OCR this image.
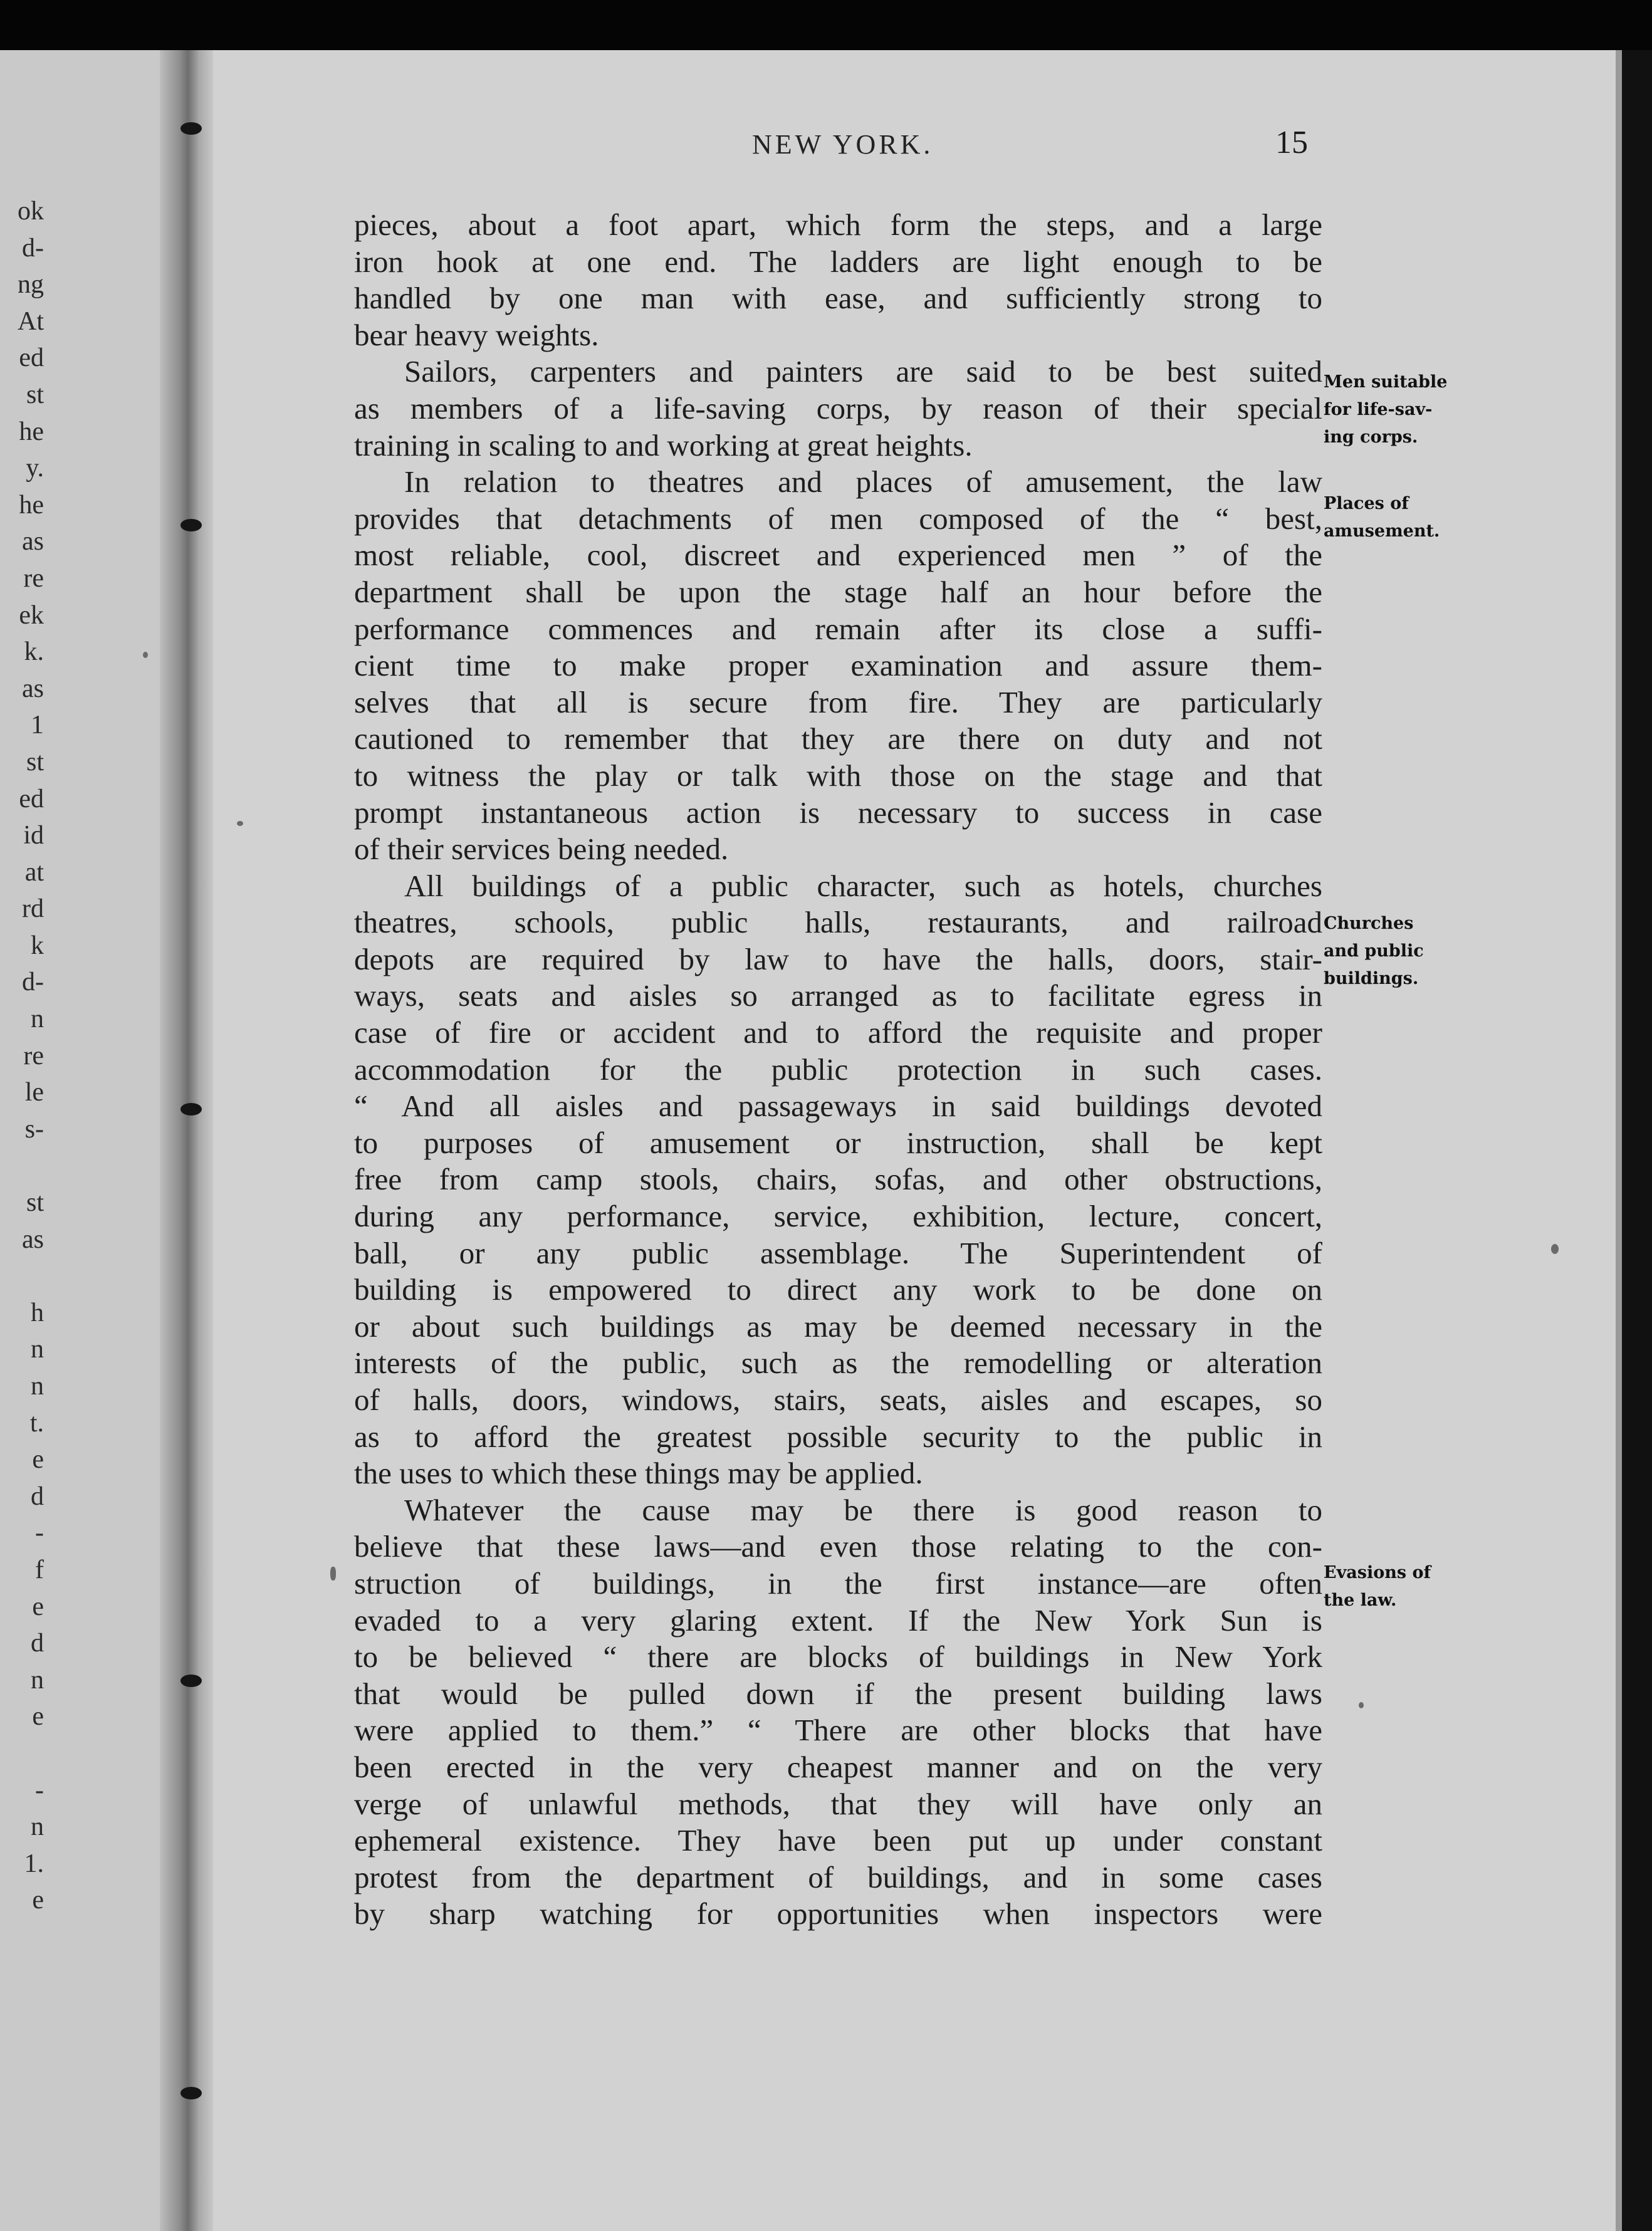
ok
d-
ng
At
ed
st
he
y.
he
as
re
ek
k.
as
1
st
ed
id
at
rd
k
d-
n
re
le
s-
st
as
h
n
n
t.
e
d
-
f
e
d
n
e
-
n
1.
e
NEW YORK.	15
pieces, about a foot apart, which form the steps, and a large
iron hook at one end. The ladders are light enough to be
handled by one man with ease, and sufficiently strong to
bear heavy weights.
Sailors, carpenters and painters are said to be best suited
as members of a life-saving corps, by reason of their special
training in scaling to and working at great heights.
In relation to theatres and places of amusement, the law
provides that detachments of men composed of the “ best,
most reliable, cool, discreet and experienced men ” of the
department shall be upon the stage half an hour before the
performance commences and remain after its close a suffi-
cient time to make proper examination and assure them-
selves that all is secure from fire. They are particularly
cautioned to remember that they are there on duty and not
to witness the play or talk with those on the stage and that
prompt instantaneous action is necessary to success in case
of their services being needed.
All buildings of a public character, such as hotels, churches
theatres, schools, public halls, restaurants, and railroad
depots are required by law to have the halls, doors, stair-
ways, seats and aisles so arranged as to facilitate egress in
case of fire or accident and to afford the requisite and proper
accommodation for the public protection in such cases.
“ And all aisles and passageways in said buildings devoted
to purposes of amusement or instruction, shall be kept
free from camp stools, chairs, sofas, and other obstructions,
during any performance, service, exhibition, lecture, concert,
ball, or any public assemblage. The Superintendent of
building is empowered to direct any work to be done on
or about such buildings as may be deemed necessary in the
interests of the public, such as the remodelling or alteration
of halls, doors, windows, stairs, seats, aisles and escapes, so
as to afford the greatest possible security to the public in
the uses to which these things may be applied.
Whatever the cause may be there is good reason to
believe that these laws—and even those relating to the con-
struction of buildings, in the first instance—are often
evaded to a very glaring extent. If the New York Sun is
to be believed “ there are blocks of buildings in New York
that would be pulled down if the present building laws
were applied to them.” “ There are other blocks that have
been erected in the very cheapest manner and on the very
verge of unlawful methods, that they will have only an
ephemeral existence. They have been put up under constant
protest from the department of buildings, and in some cases
by sharp watching for opportunities when inspectors were
Men suitable
for life-sav-
ing corps.
Places of
amusement.
Churches
and public
buildings.
Evasions of
the law.
